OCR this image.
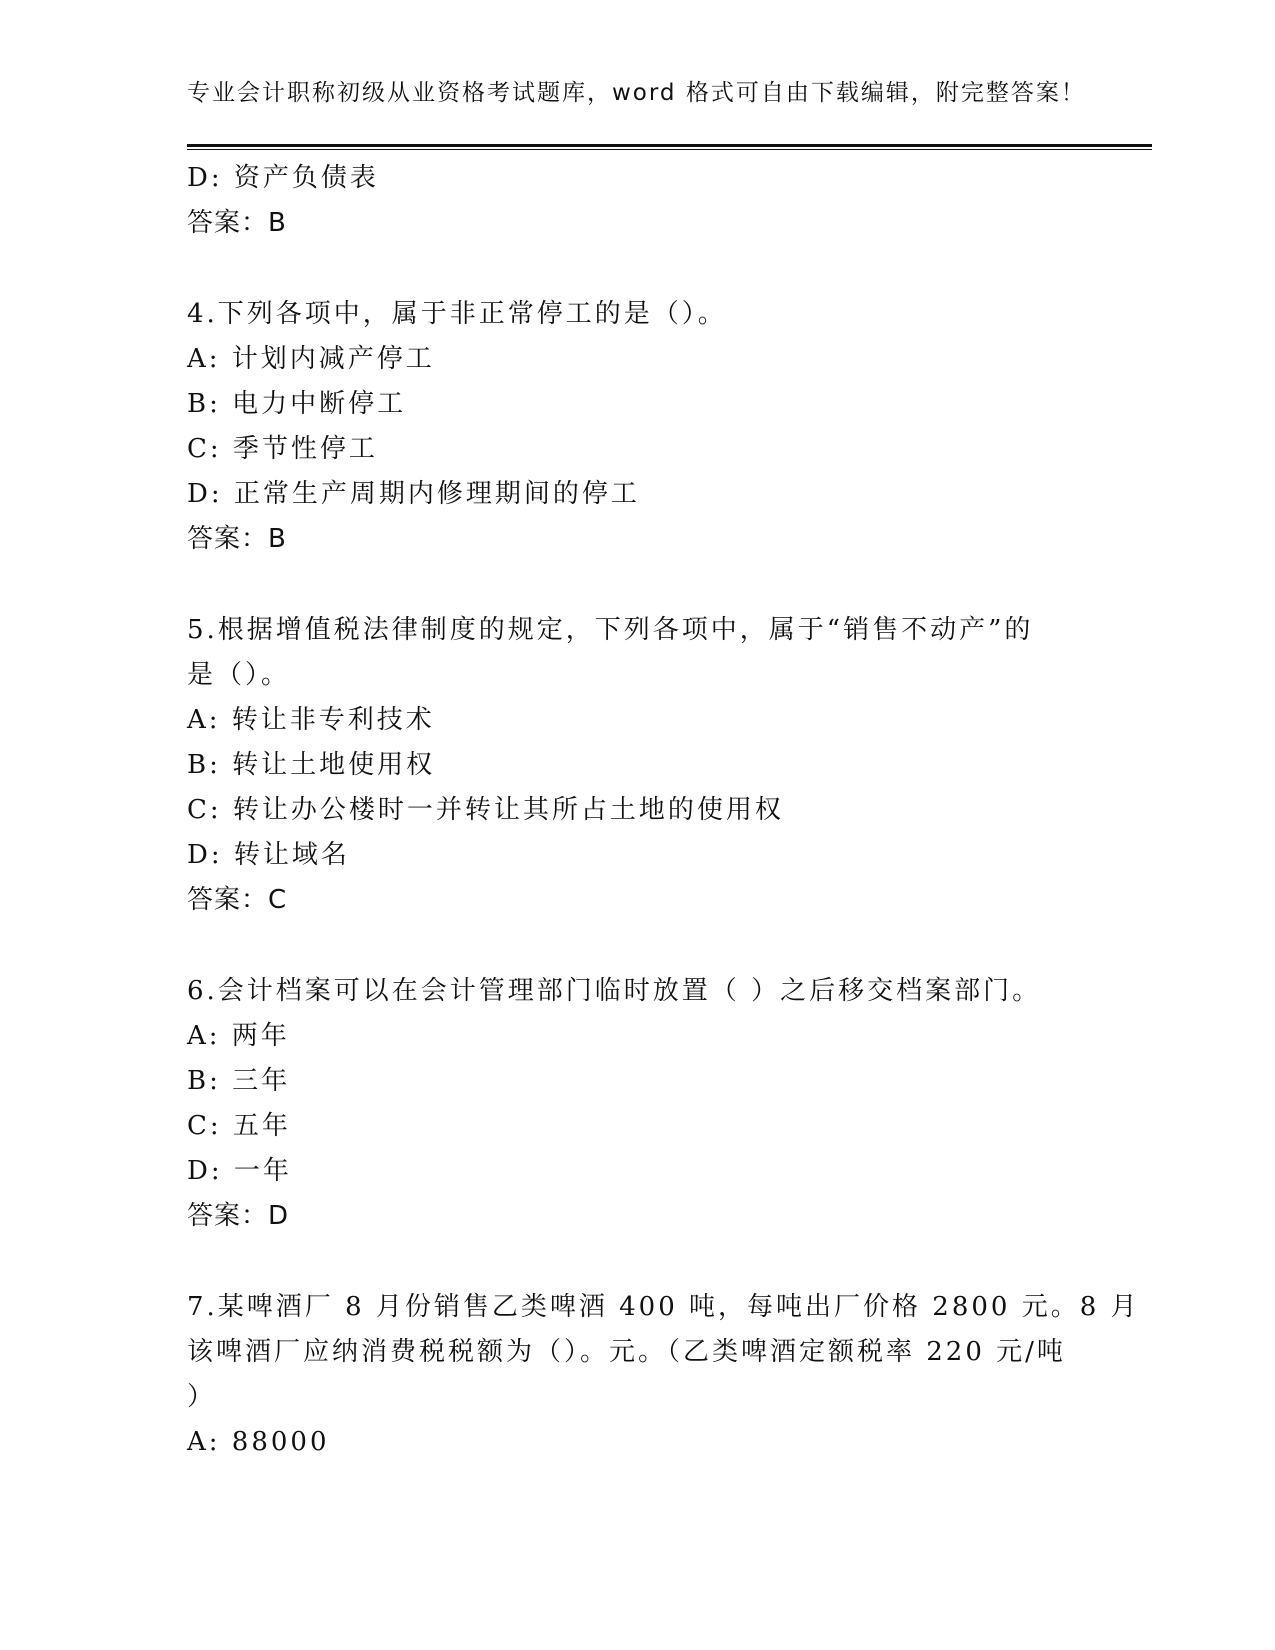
专业会计职称初级从业资格考试题库，word 格式可自由下载编辑，附完整答案！
D: 资产负债表
答案：B
4.下列各项中，属于非正常停工的是（）。
A: 计划内减产停工
B: 电力中断停工
C: 季节性停工
D: 正常生产周期内修理期间的停工
答案：B
5.根据增值税法律制度的规定，下列各项中，属于“销售不动产”的
是（）。
A: 转让非专利技术
B: 转让土地使用权
C: 转让办公楼时一并转让其所占土地的使用权
D: 转让域名
答案：C
6.会计档案可以在会计管理部门临时放置（ ）之后移交档案部门。
A: 两年
B: 三年
C: 五年
D: 一年
答案：D
7.某啤酒厂 8 月份销售乙类啤酒 400 吨，每吨出厂价格 2800 元。8 月
该啤酒厂应纳消费税税额为（）。元。（乙类啤酒定额税率 220 元/吨
）
A: 88000
